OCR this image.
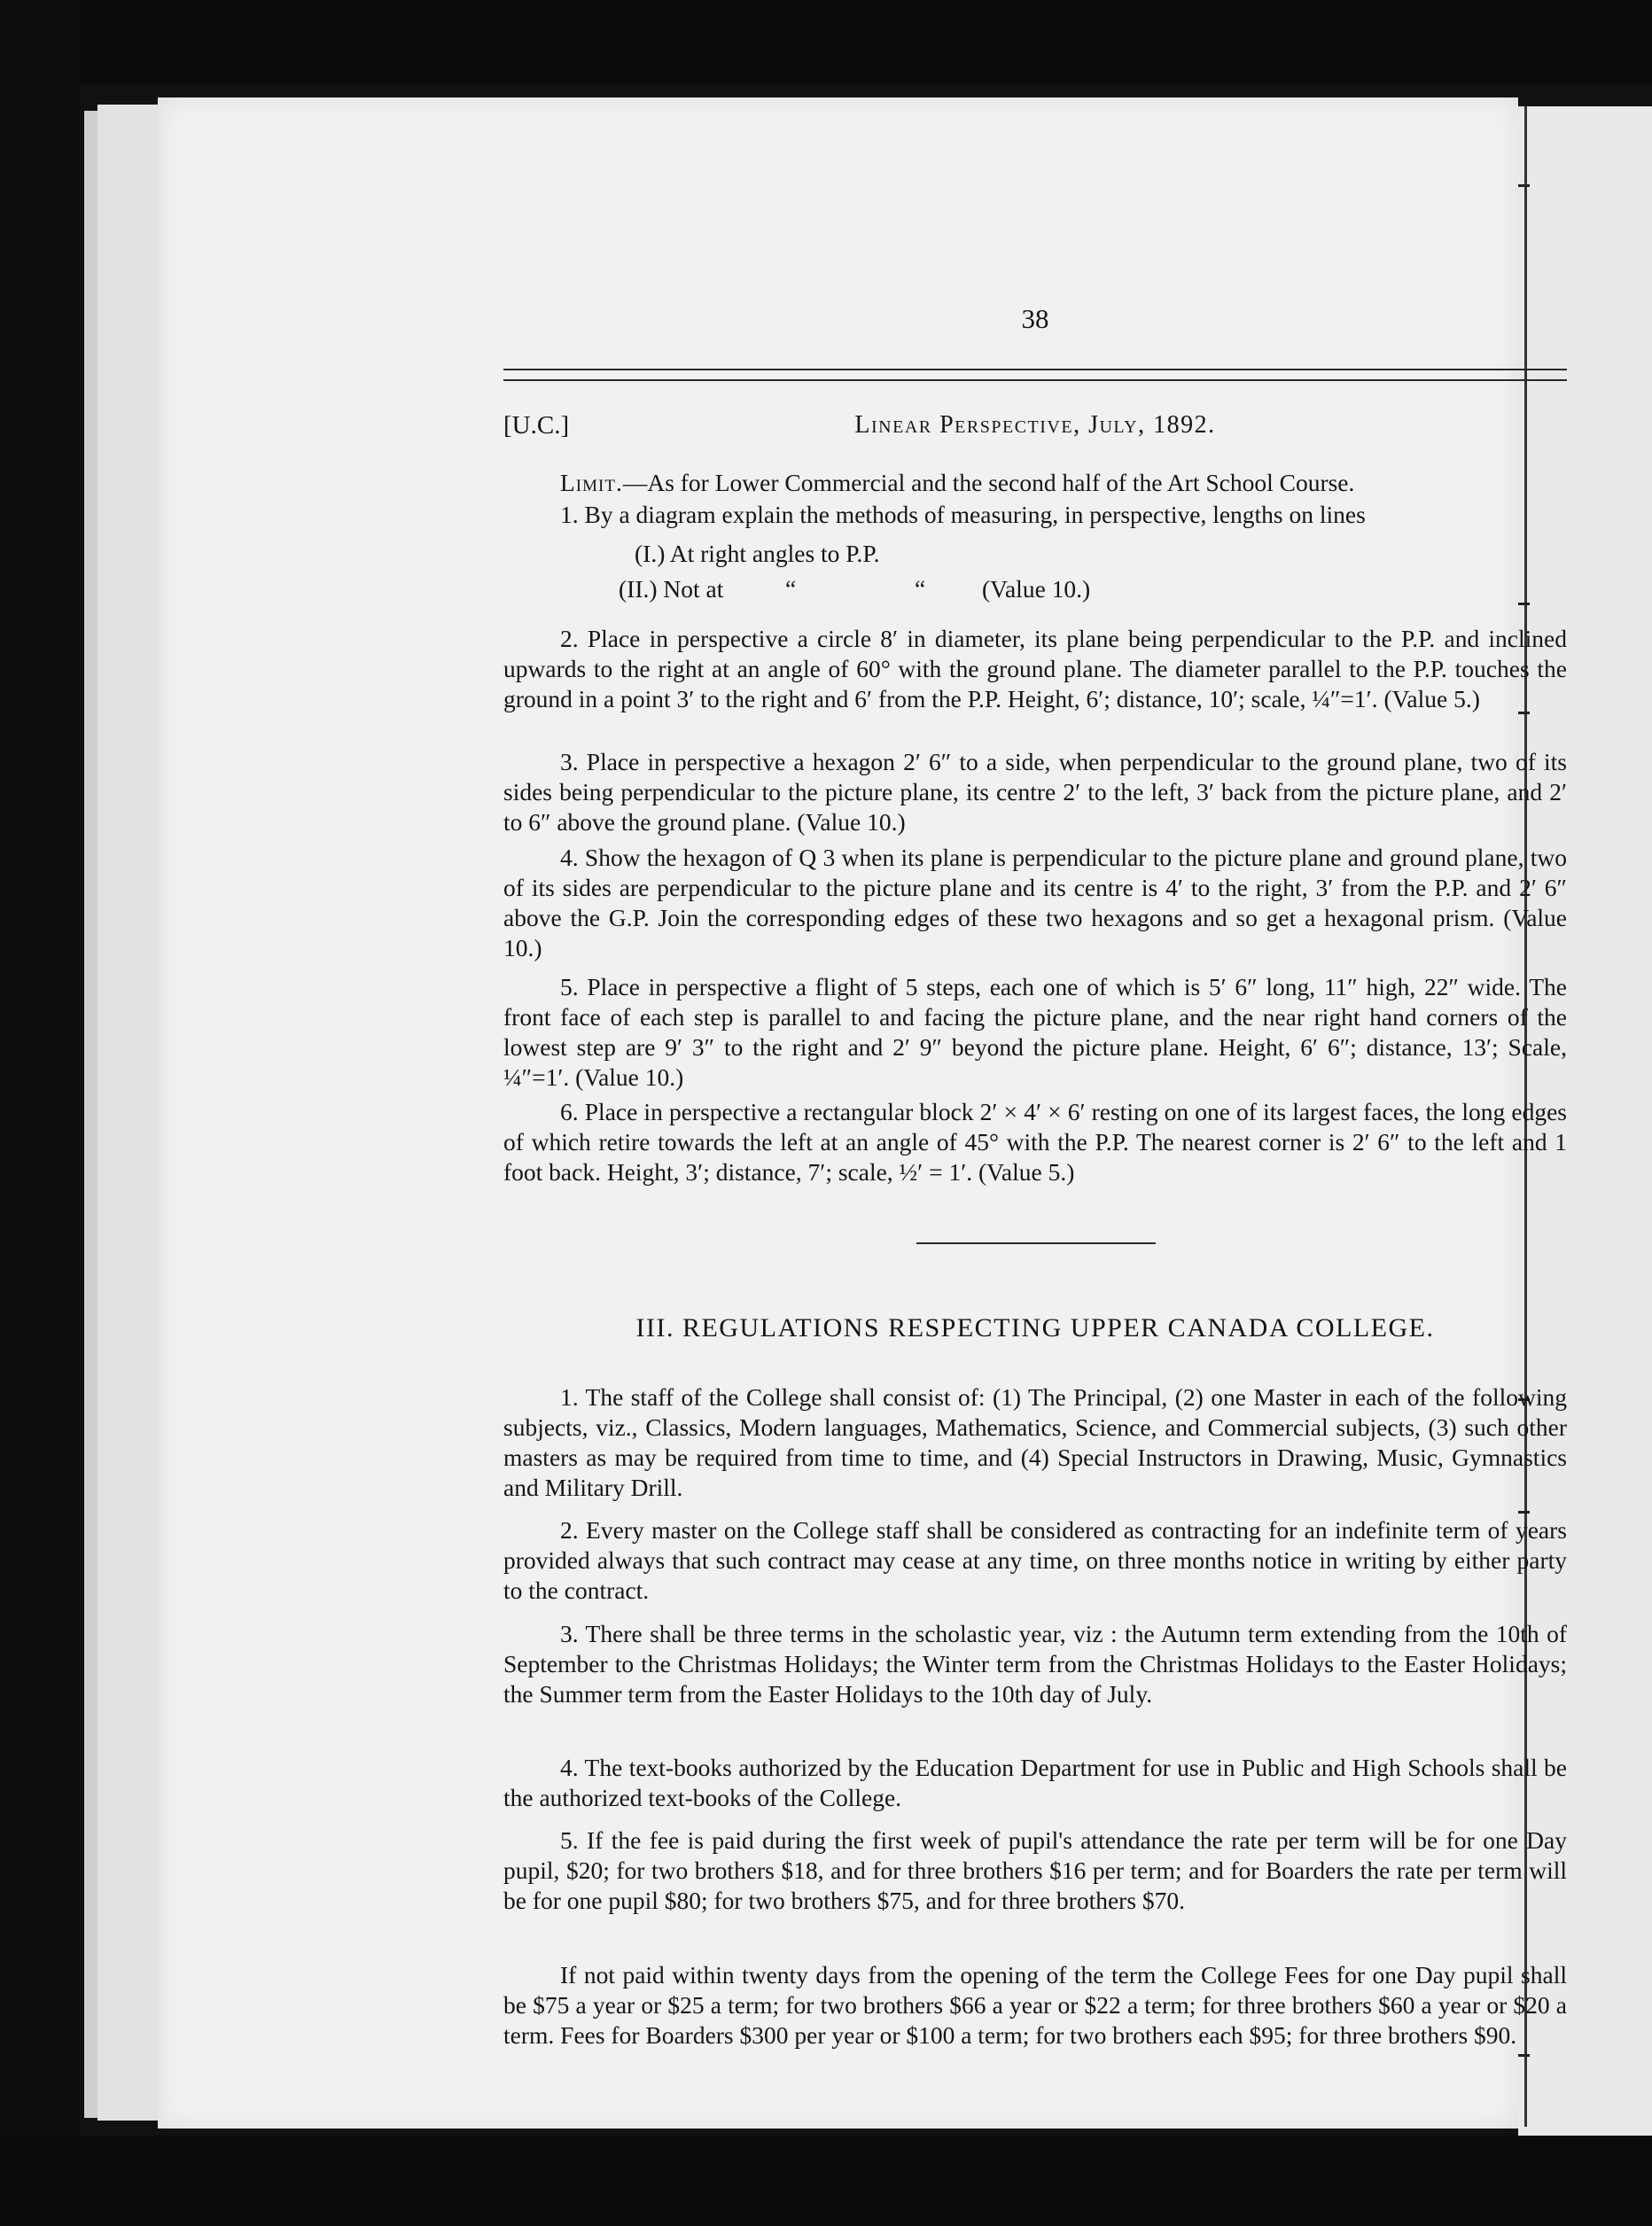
38
[U.C.]	Linear Perspective, July, 1892.
Limit.—As for Lower Commercial and the second half of the Art School Course.
1. By a diagram explain the methods of measuring, in perspective, lengths on lines
(I.) At right angles to P.P.
(II.) Not at	“	“ (Value 10.)
2. Place in perspective a circle 8′ in diameter, its plane being perpendicular to the P.P. and inclined upwards to the right at an angle of 60° with the ground plane. The diameter parallel to the P.P. touches the ground in a point 3′ to the right and 6′ from the P.P. Height, 6′; distance, 10′; scale, ¼″=1′. (Value 5.)
3. Place in perspective a hexagon 2′ 6″ to a side, when perpendicular to the ground plane, two of its sides being perpendicular to the picture plane, its centre 2′ to the left, 3′ back from the picture plane, and 2′ to 6″ above the ground plane. (Value 10.)
4. Show the hexagon of Q 3 when its plane is perpendicular to the picture plane and ground plane, two of its sides are perpendicular to the picture plane and its centre is 4′ to the right, 3′ from the P.P. and 2′ 6″ above the G.P. Join the corresponding edges of these two hexagons and so get a hexagonal prism. (Value 10.)
5. Place in perspective a flight of 5 steps, each one of which is 5′ 6″ long, 11″ high, 22″ wide. The front face of each step is parallel to and facing the picture plane, and the near right hand corners of the lowest step are 9′ 3″ to the right and 2′ 9″ beyond the picture plane. Height, 6′ 6″; distance, 13′; Scale, ¼″=1′. (Value 10.)
6. Place in perspective a rectangular block 2′ × 4′ × 6′ resting on one of its largest faces, the long edges of which retire towards the left at an angle of 45° with the P.P. The nearest corner is 2′ 6″ to the left and 1 foot back. Height, 3′; distance, 7′; scale, ½′ = 1′. (Value 5.)
III. REGULATIONS RESPECTING UPPER CANADA COLLEGE.
1. The staff of the College shall consist of: (1) The Principal, (2) one Master in each of the following subjects, viz., Classics, Modern languages, Mathematics, Science, and Commercial subjects, (3) such other masters as may be required from time to time, and (4) Special Instructors in Drawing, Music, Gymnastics and Military Drill.
2. Every master on the College staff shall be considered as contracting for an indefinite term of years provided always that such contract may cease at any time, on three months notice in writing by either party to the contract.
3. There shall be three terms in the scholastic year, viz : the Autumn term extending from the 10th of September to the Christmas Holidays; the Winter term from the Christmas Holidays to the Easter Holidays; the Summer term from the Easter Holidays to the 10th day of July.
4. The text-books authorized by the Education Department for use in Public and High Schools shall be the authorized text-books of the College.
5. If the fee is paid during the first week of pupil's attendance the rate per term will be for one Day pupil, $20; for two brothers $18, and for three brothers $16 per term; and for Boarders the rate per term will be for one pupil $80; for two brothers $75, and for three brothers $70.
If not paid within twenty days from the opening of the term the College Fees for one Day pupil shall be $75 a year or $25 a term; for two brothers $66 a year or $22 a term; for three brothers $60 a year or $20 a term. Fees for Boarders $300 per year or $100 a term; for two brothers each $95; for three brothers $90.
